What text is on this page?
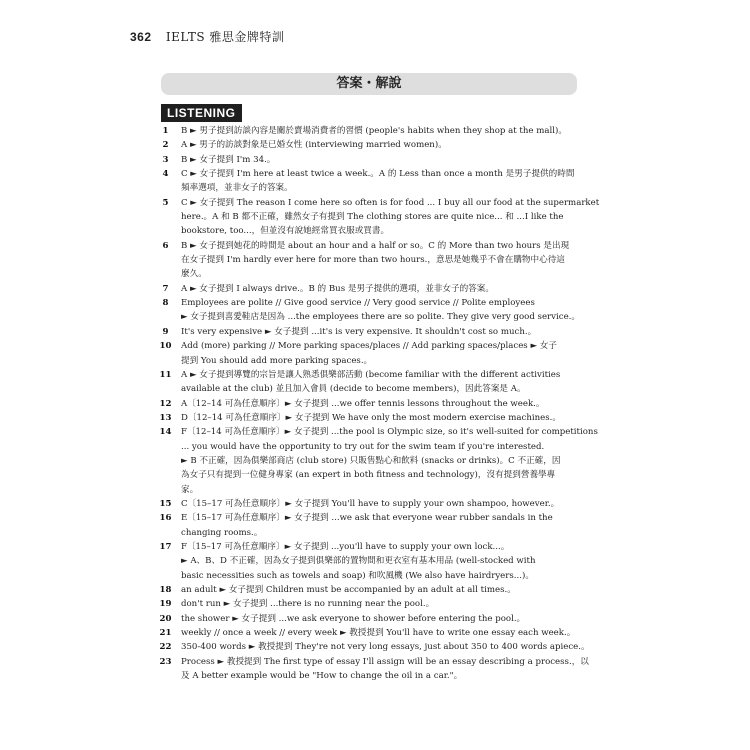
362 IELTS 雅思金牌特訓
答案・解說
LISTENING
1	B ► 男子提到訪談內容是關於賣場消費者的習慣 (people's habits when they shop at the mall)。
2	A ► 男子的訪談對象是已婚女性 (interviewing married women)。
3	B ► 女子提到 I'm 34.。
4	C ► 女子提到 I'm here at least twice a week.。A 的 Less than once a month 是男子提供的時間
頻率選項，並非女子的答案。
5	C ► 女子提到 The reason I come here so often is for food ... I buy all our food at the supermarket
here.。A 和 B 都不正確，雖然女子有提到 The clothing stores are quite nice... 和 ...I like the
bookstore, too...，但並沒有說她經常買衣服或買書。
6	B ► 女子提到她花的時間是 about an hour and a half or so。C 的 More than two hours 是出現
在女子提到 I'm hardly ever here for more than two hours.，意思是她幾乎不會在購物中心待這
麼久。
7	A ► 女子提到 I always drive.。B 的 Bus 是男子提供的選項，並非女子的答案。
8	Employees are polite // Give good service // Very good service // Polite employees
► 女子提到喜愛鞋店是因為 ...the employees there are so polite. They give very good service.。
9	It's very expensive ► 女子提到 ...it's is very expensive. It shouldn't cost so much.。
10	Add (more) parking // More parking spaces/places // Add parking spaces/places ► 女子
提到 You should add more parking spaces.。
11	A ► 女子提到導覽的宗旨是讓人熟悉俱樂部活動 (become familiar with the different activities
available at the club) 並且加入會員 (decide to become members)，因此答案是 A。
12	A〔12–14 可為任意順序〕► 女子提到 ...we offer tennis lessons throughout the week.。
13	D〔12–14 可為任意順序〕► 女子提到 We have only the most modern exercise machines.。
14	F〔12–14 可為任意順序〕► 女子提到 ...the pool is Olympic size, so it's well-suited for competitions
... you would have the opportunity to try out for the swim team if you're interested.
► B 不正確，因為俱樂部商店 (club store) 只販售點心和飲料 (snacks or drinks)。C 不正確，因
為女子只有提到一位健身專家 (an expert in both fitness and technology)，沒有提到營養學專
家。
15	C〔15–17 可為任意順序〕► 女子提到 You'll have to supply your own shampoo, however.。
16	E〔15–17 可為任意順序〕► 女子提到 ...we ask that everyone wear rubber sandals in the
changing rooms.。
17	F〔15–17 可為任意順序〕► 女子提到 ...you'll have to supply your own lock...。
► A、B、D 不正確，因為女子提到俱樂部的置物間和更衣室有基本用品 (well-stocked with
basic necessities such as towels and soap) 和吹風機 (We also have hairdryers...)。
18	an adult ► 女子提到 Children must be accompanied by an adult at all times.。
19	don't run ► 女子提到 ...there is no running near the pool.。
20	the shower ► 女子提到 ...we ask everyone to shower before entering the pool.。
21	weekly // once a week // every week ► 教授提到 You'll have to write one essay each week.。
22	350-400 words ► 教授提到 They're not very long essays, just about 350 to 400 words apiece.。
23	Process ► 教授提到 The first type of essay I'll assign will be an essay describing a process.，以
及 A better example would be "How to change the oil in a car."。
